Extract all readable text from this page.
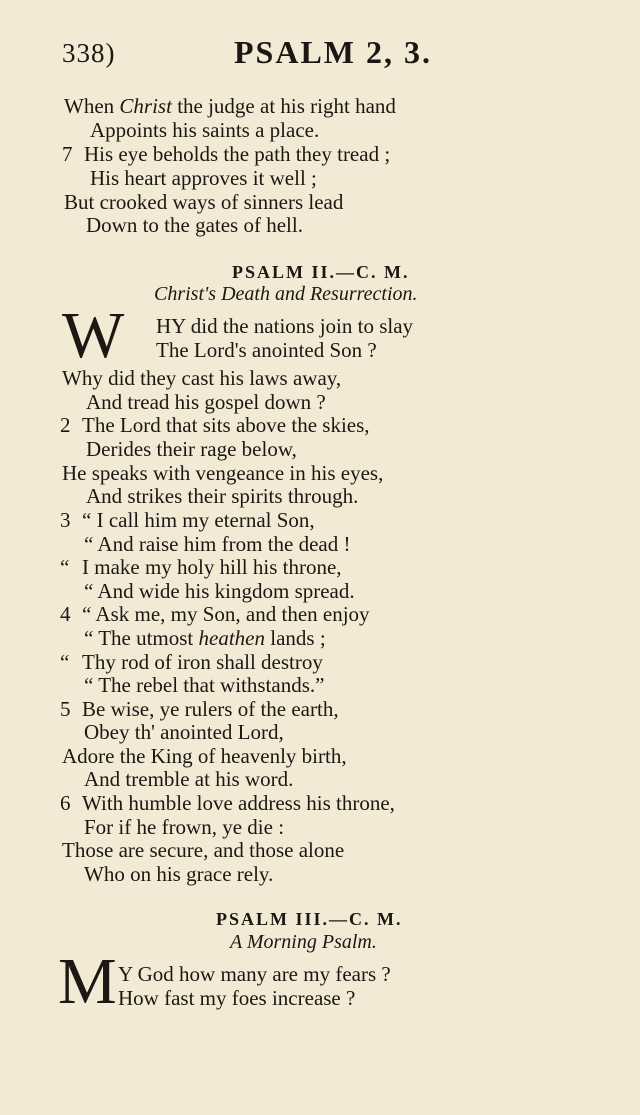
338)	PSALM 2, 3.
When Christ the judge at his right hand
Appoints his saints a place.
7 His eye beholds the path they tread ;
His heart approves it well ;
But crooked ways of sinners lead
Down to the gates of hell.
PSALM II.—C. M.
Christ's Death and Resurrection.
W HY did the nations join to slay
The Lord's anointed Son ?
Why did they cast his laws away,
And tread his gospel down ?
2 The Lord that sits above the skies,
Derides their rage below,
He speaks with vengeance in his eyes,
And strikes their spirits through.
3 “ I call him my eternal Son,
“ And raise him from the dead !
“ I make my holy hill his throne,
“ And wide his kingdom spread.
4 “ Ask me, my Son, and then enjoy
“ The utmost heathen lands ;
“ Thy rod of iron shall destroy
“ The rebel that withstands.”
5 Be wise, ye rulers of the earth,
Obey th' anointed Lord,
Adore the King of heavenly birth,
And tremble at his word.
6 With humble love address his throne,
For if he frown, ye die :
Those are secure, and those alone
Who on his grace rely.
PSALM III.—C. M.
A Morning Psalm.
M Y God how many are my fears ?
How fast my foes increase ?
